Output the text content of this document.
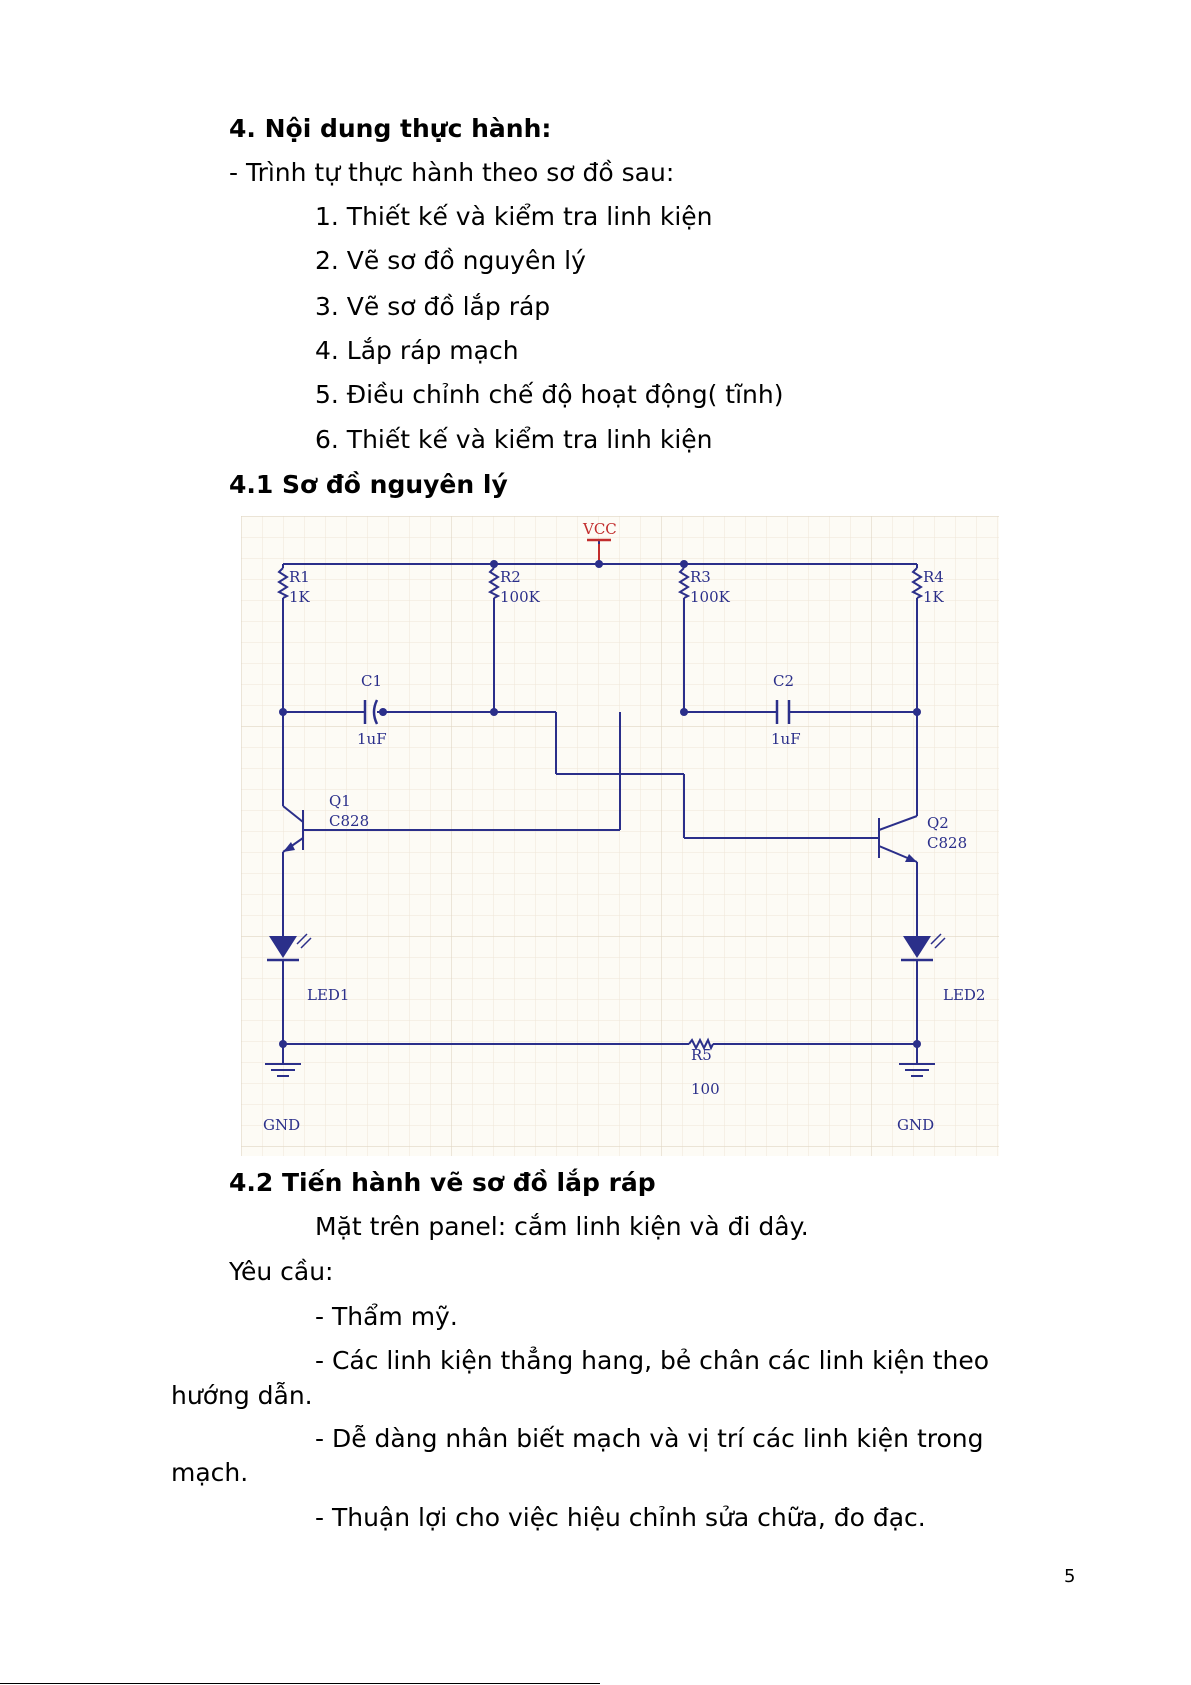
4. Nội dung thực hành:
- Trình tự thực hành theo sơ đồ sau:
1. Thiết kế và kiểm tra linh kiện
2. Vẽ sơ đồ nguyên lý
3. Vẽ sơ đồ lắp ráp
4. Lắp ráp mạch
5. Điều chỉnh chế độ hoạt động( tĩnh)
6. Thiết kế và kiểm tra linh kiện
4.1 Sơ đồ nguyên lý
VCC
R1
1K
R2
100K
R3
100K
R4
1K
C1
1uF
C2
1uF
Q1
C828	Q2
C828
LED1	LED2
R5
100
GND	GND
4.2 Tiến hành vẽ sơ đồ lắp ráp
Mặt trên panel: cắm linh kiện và đi dây.
Yêu cầu:
- Thẩm mỹ.
- Các linh kiện thẳng hang, bẻ chân các linh kiện theo
hướng dẫn.
- Dễ dàng nhân biết mạch và vị trí các linh kiện trong
mạch.
- Thuận lợi cho việc hiệu chỉnh sửa chữa, đo đạc.
5
